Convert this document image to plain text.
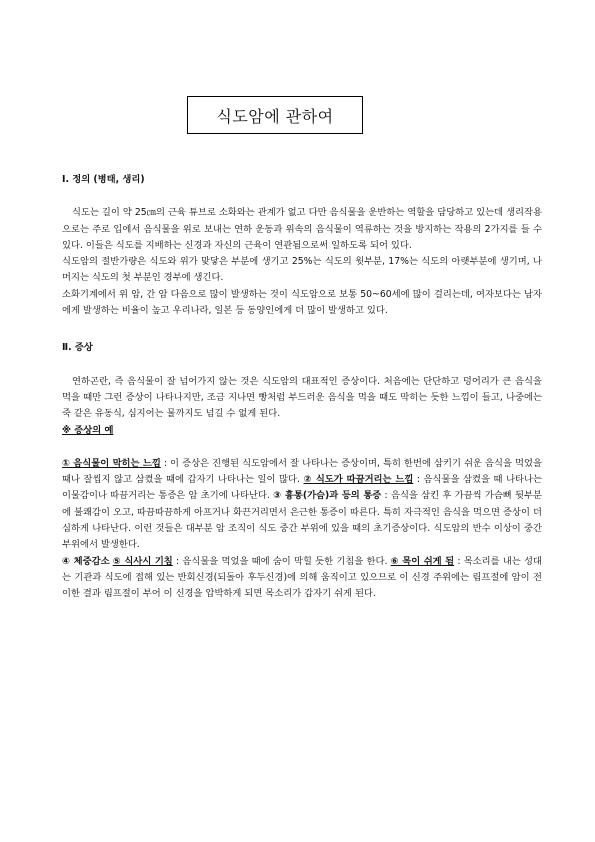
식도암에 관하여
Ⅰ. 정의 (병태, 생리)

식도는 길이 약 25㎝의 근육 튜브로 소화와는 관계가 없고 다만 음식물을 운반하는 역할을 담당하고 있는데 생리작용으로는 주로 입에서 음식물을 위로 보내는 연하 운동과 위속의 음식물이 역류하는 것을 방지하는 작용의 2가지를 들 수 있다. 이들은 식도를 지배하는 신경과 자신의 근육이 연관됨으로써 일하도록 되어 있다.

식도암의 절반가량은 식도와 위가 맞닿은 부분에 생기고 25%는 식도의 윗부분, 17%는 식도의 아랫부분에 생기며, 나머지는 식도의 첫 부분인 경부에 생긴다.

소화기계에서 위 암, 간 암 다음으로 많이 발생하는 것이 식도암으로 보통 50~60세에 많이 걸리는데, 여자보다는 남자에게 발생하는 비율이 높고 우리나라, 일본 등 동양인에게 더 많이 발생하고 있다.

Ⅱ. 증상

연하곤란, 즉 음식물이 잘 넘어가지 않는 것은 식도암의 대표적인 증상이다. 처음에는 단단하고 덩어리가 큰 음식을 먹을 때만 그런 증상이 나타나지만, 조금 지나면 빵처럼 부드러운 음식을 먹을 때도 막히는 듯한 느낌이 들고, 나중에는 죽 같은 유동식, 심지어는 물까지도 넘길 수 없게 된다.

※ 증상의 예

① 음식물이 막히는 느낌 : 이 증상은 진행된 식도암에서 잘 나타나는 증상이며, 특히 한번에 삼키기 쉬운 음식을 먹었을 때나 잘씹지 않고 삼켰을 때에 갑자기 나타나는 일이 많다. ② 식도가 따끔거리는 느낌 : 음식물을 삼켰을 때 나타나는 이물감이나 따끔거리는 통증은 암 초기에 나타난다. ③ 흉통(가슴)과 등의 통증 : 음식을 삼킨 후 가끔씩 가슴뼈 뒷부분에 불쾌감이 오고, 따끔따끔하게 아프거나 화끈거리면서 은근한 통증이 따른다. 특히 자극적인 음식을 먹으면 증상이 더 심하게 나타난다. 이런 것들은 대부분 암 조직이 식도 중간 부위에 있을 때의 초기증상이다. 식도암의 반수 이상이 중간부위에서 발생한다.

④ 체중감소 ⑤ 식사시 기침 : 음식물을 먹었을 때에 숨이 막힐 듯한 기침을 한다. ⑥ 목이 쉬게 됨 : 목소리를 내는 성대는 기관과 식도에 접해 있는 반회신경(되돌아 후두신경)에 의해 움직이고 있으므로 이 신경 주위에는 림프절에 암이 전이한 결과 림프절이 부어 이 신경을 압박하게 되면 목소리가 갑자기 쉬게 된다.
